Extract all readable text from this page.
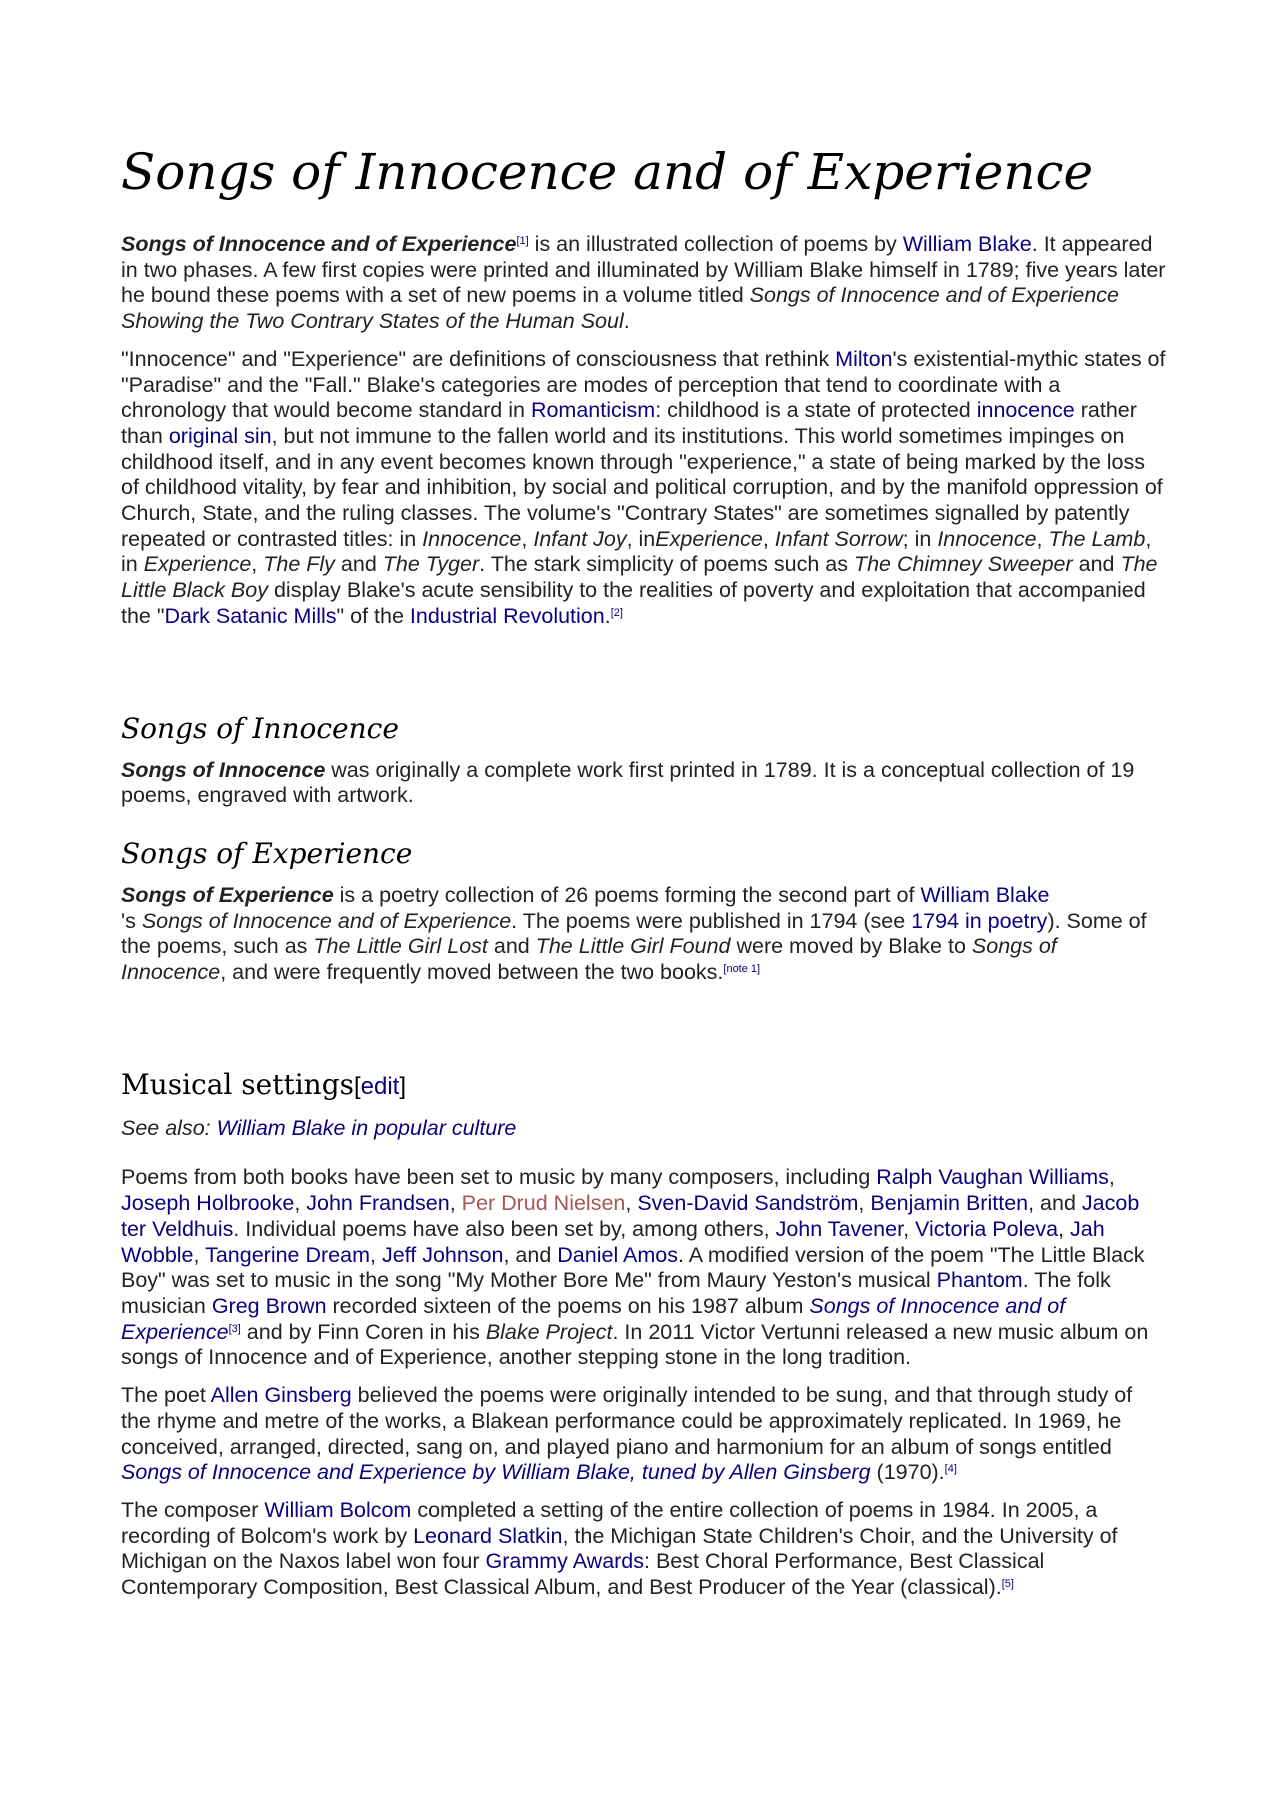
Songs of Innocence and of Experience

Songs of Innocence and of Experience[1] is an illustrated collection of poems by William Blake. It appeared in two phases. A few first copies were printed and illuminated by William Blake himself in 1789; five years later he bound these poems with a set of new poems in a volume titled Songs of Innocence and of Experience Showing the Two Contrary States of the Human Soul.

"Innocence" and "Experience" are definitions of consciousness that rethink Milton's existential-mythic states of "Paradise" and the "Fall." Blake's categories are modes of perception that tend to coordinate with a chronology that would become standard in Romanticism: childhood is a state of protected innocence rather than original sin, but not immune to the fallen world and its institutions. This world sometimes impinges on childhood itself, and in any event becomes known through "experience," a state of being marked by the loss of childhood vitality, by fear and inhibition, by social and political corruption, and by the manifold oppression of Church, State, and the ruling classes. The volume's "Contrary States" are sometimes signalled by patently repeated or contrasted titles: in Innocence, Infant Joy, inExperience, Infant Sorrow; in Innocence, The Lamb, in Experience, The Fly and The Tyger. The stark simplicity of poems such as The Chimney Sweeper and The Little Black Boy display Blake's acute sensibility to the realities of poverty and exploitation that accompanied the "Dark Satanic Mills" of the Industrial Revolution.[2]

Songs of Innocence

Songs of Innocence was originally a complete work first printed in 1789. It is a conceptual collection of 19 poems, engraved with artwork.

Songs of Experience

Songs of Experience is a poetry collection of 26 poems forming the second part of William Blake
's Songs of Innocence and of Experience. The poems were published in 1794 (see 1794 in poetry). Some of the poems, such as The Little Girl Lost and The Little Girl Found were moved by Blake to Songs of Innocence, and were frequently moved between the two books.[note 1]

Musical settings[edit]

See also: William Blake in popular culture

Poems from both books have been set to music by many composers, including Ralph Vaughan Williams, Joseph Holbrooke, John Frandsen, Per Drud Nielsen, Sven-David Sandström, Benjamin Britten, and Jacob ter Veldhuis. Individual poems have also been set by, among others, John Tavener, Victoria Poleva, Jah Wobble, Tangerine Dream, Jeff Johnson, and Daniel Amos. A modified version of the poem "The Little Black Boy" was set to music in the song "My Mother Bore Me" from Maury Yeston's musical Phantom. The folk musician Greg Brown recorded sixteen of the poems on his 1987 album Songs of Innocence and of Experience[3] and by Finn Coren in his Blake Project. In 2011 Victor Vertunni released a new music album on songs of Innocence and of Experience, another stepping stone in the long tradition.

The poet Allen Ginsberg believed the poems were originally intended to be sung, and that through study of the rhyme and metre of the works, a Blakean performance could be approximately replicated. In 1969, he conceived, arranged, directed, sang on, and played piano and harmonium for an album of songs entitled Songs of Innocence and Experience by William Blake, tuned by Allen Ginsberg (1970).[4]

The composer William Bolcom completed a setting of the entire collection of poems in 1984. In 2005, a recording of Bolcom's work by Leonard Slatkin, the Michigan State Children's Choir, and the University of Michigan on the Naxos label won four Grammy Awards: Best Choral Performance, Best Classical Contemporary Composition, Best Classical Album, and Best Producer of the Year (classical).[5]
